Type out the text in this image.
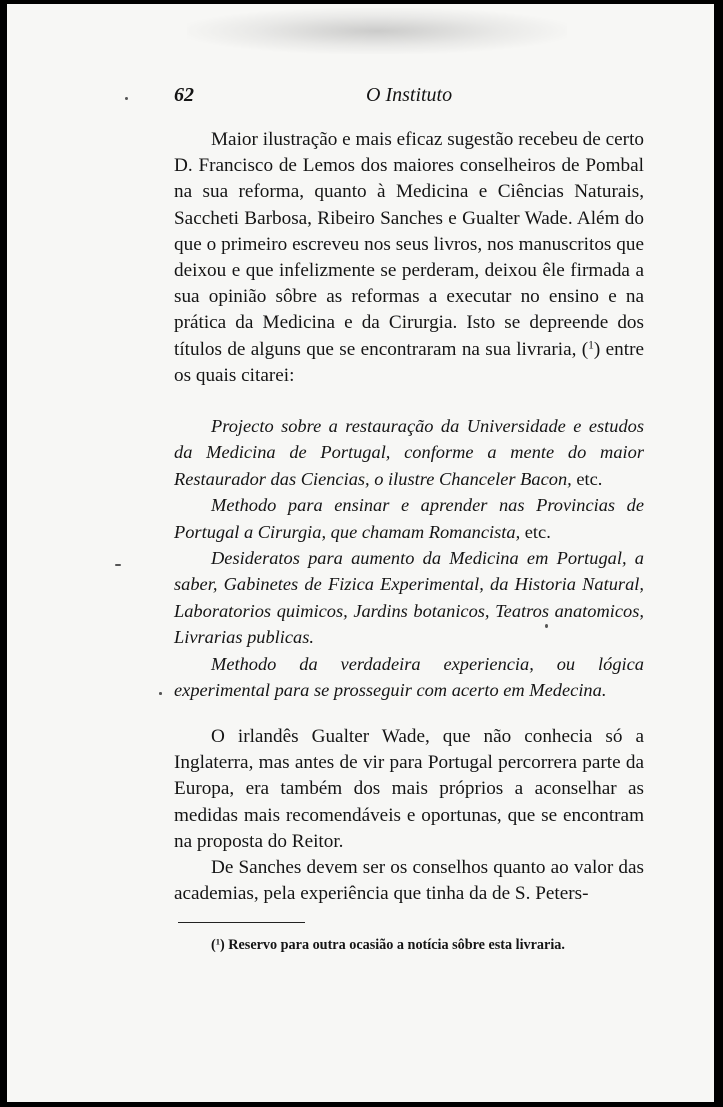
62	O Instituto

Maior ilustração e mais eficaz sugestão recebeu de certo D. Francisco de Lemos dos maiores conselheiros de Pombal na sua reforma, quanto à Medicina e Ciências Naturais, Saccheti Barbosa, Ribeiro Sanches e Gualter Wade. Além do que o primeiro escreveu nos seus livros, nos manuscritos que deixou e que infelizmente se perderam, deixou êle firmada a sua opinião sôbre as reformas a executar no ensino e na prática da Medicina e da Cirurgia. Isto se depreende dos títulos de alguns que se encontraram na sua livraria, ($^1$) entre os quais citarei:

Projecto sobre a restauração da Universidade e estudos da Medicina de Portugal, conforme a mente do maior Restaurador das Ciencias, o ilustre Chanceler Bacon, etc.

Methodo para ensinar e aprender nas Provincias de Portugal a Cirurgia, que chamam Romancista, etc.

Desideratos para aumento da Medicina em Portugal, a saber, Gabinetes de Fizica Experimental, da Historia Natural, Laboratorios quimicos, Jardins botanicos, Teatros anatomicos, Livrarias publicas.

Methodo da verdadeira experiencia, ou lógica experimental para se prosseguir com acerto em Medecina.

O irlandês Gualter Wade, que não conhecia só a Inglaterra, mas antes de vir para Portugal percorrera parte da Europa, era também dos mais próprios a aconselhar as medidas mais recomendáveis e oportunas, que se encontram na proposta do Reitor.

De Sanches devem ser os conselhos quanto ao valor das academias, pela experiência que tinha da de S. Peters-

($^1$) Reservo para outra ocasião a notícia sôbre esta livraria.
